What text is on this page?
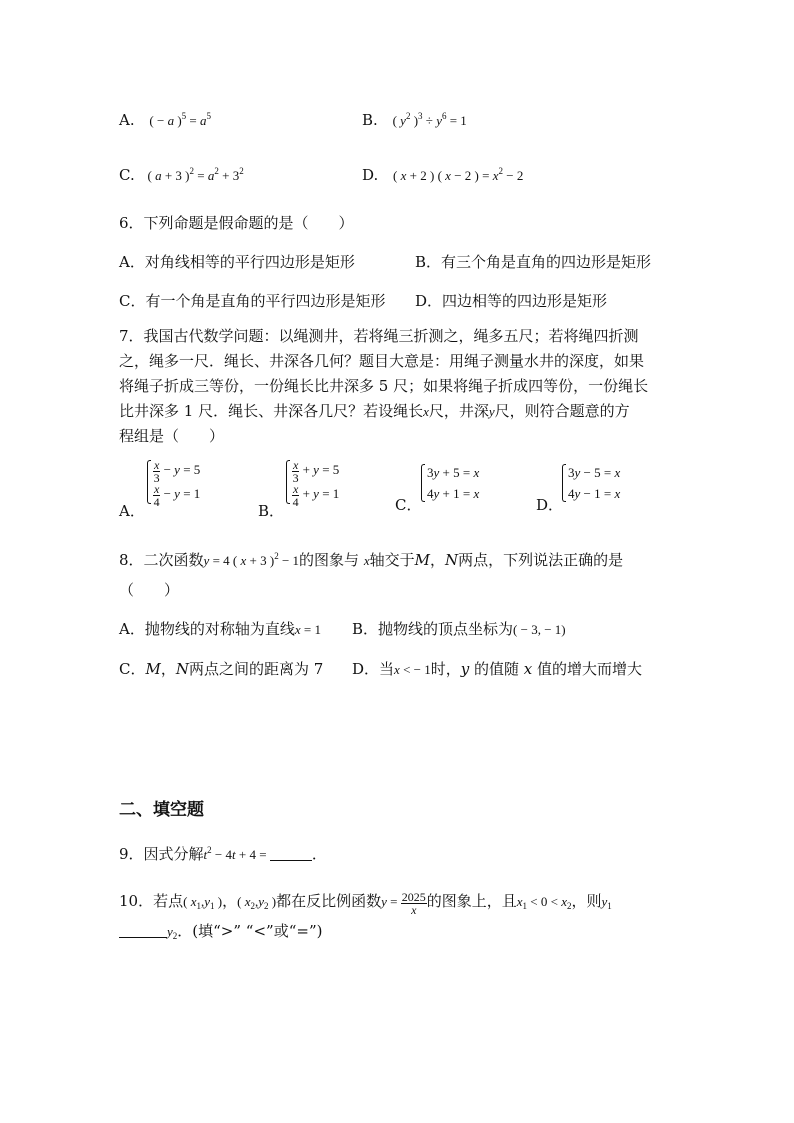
A. ( − a )$^5 = a^5$	B. ( $y^2$ )$^3 \div y^6 = 1$
C. ( a + 3 )$^2 = a^2 + 3^2$	D. ( x + 2 ) ( x − 2 ) = $x^2 - 2$
6．下列命题是假命题的是（　　）
A．对角线相等的平行四边形是矩形	B．有三个角是直角的四边形是矩形
C．有一个角是直角的平行四边形是矩形 D．四边相等的四边形是矩形
7．我国古代数学问题：以绳测井，若将绳三折测之，绳多五尺；若将绳四折测
之，绳多一尺．绳长、井深各几何？题目大意是：用绳子测量水井的深度，如果
将绳子折成三等份，一份绳长比井深多 5 尺；如果将绳子折成四等份，一份绳长
比井深多 1 尺．绳长、井深各几尺？若设绳长x尺，井深y尺，则符合题意的方
程组是（　　）
A．
$\frac{x}{3} - y = 5$
$\frac{x}{4} - y = 1$
B．
$\frac{x}{3} + y = 5$
$\frac{x}{4} + y = 1$
C．
3y + 5 = x
4y + 1 = x
D．
3y − 5 = x
4y − 1 = x
8．二次函数y = 4 ( x + 3 )$^2$ − 1的图象与 x轴交于M，N两点，下列说法正确的是
（　　）
A．抛物线的对称轴为直线x = 1 B．抛物线的顶点坐标为( − 3, − 1)
C．M，N两点之间的距离为 7 D．当x < − 1时，y 的值随 x 值的增大而增大
二、填空题
9．因式分解$t^2 - 4t + 4$ =	．
10．若点( $x_1,y_1$ )，( $x_2,y_2$ )都在反比例函数$y = \frac{2025}{x}$ 的图象上，且$x_1 < 0 < x_2$，则$y_1$
$y_2$．(填“>” “<”或“=”)
